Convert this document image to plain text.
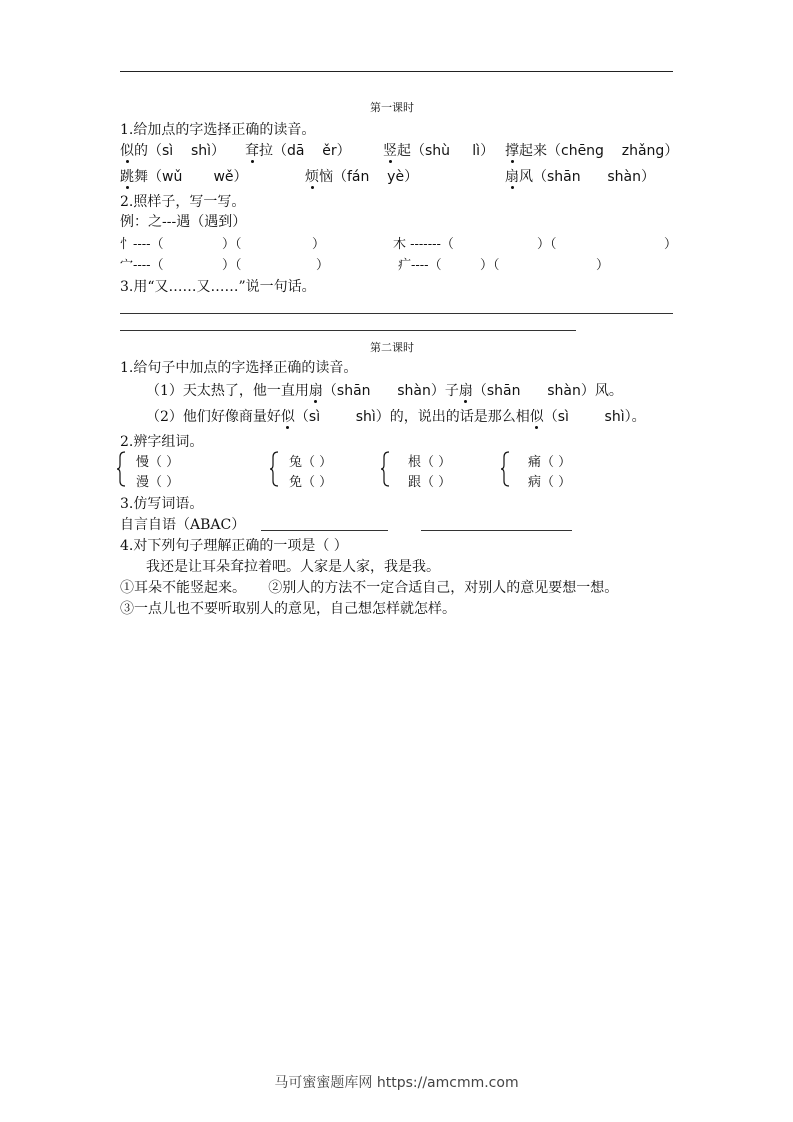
第一课时
1.给加点的字选择正确的读音。
似的（sì    shì） 耷拉（dā    ěr） 竖起（shù     lì） 撑起来（chēng    zhǎng）
跳舞（wǔ       wě）	烦恼（fán    yè）	扇风（shān      shàn）
2.照样子，写一写。
例：之---遇（遇到）
忄----（	）（	）	木 -------（	）（	）
宀----（	）（	）	疒----（	）（	）
3.用“又……又……”说一句话。
第二课时
1.给句子中加点的字选择正确的读音。
（1）天太热了，他一直用扇（shān      shàn）子扇（shān      shàn）风。
（2）他们好像商量好似（sì        shì）的，说出的话是那么相似（sì        shì）。
2.辨字组词。
慢（ ）
漫（ ）
兔（ ）
免（ ）
根（ ）
跟（ ）
痛（ ）
病（ ）
3.仿写词语。
自言自语（ABAC）
4.对下列句子理解正确的一项是（ ）
我还是让耳朵耷拉着吧。人家是人家，我是我。
①耳朵不能竖起来。     ②别人的方法不一定合适自己，对别人的意见要想一想。
③一点儿也不要听取别人的意见，自己想怎样就怎样。
马可蜜蜜题库网 https://amcmm.com
